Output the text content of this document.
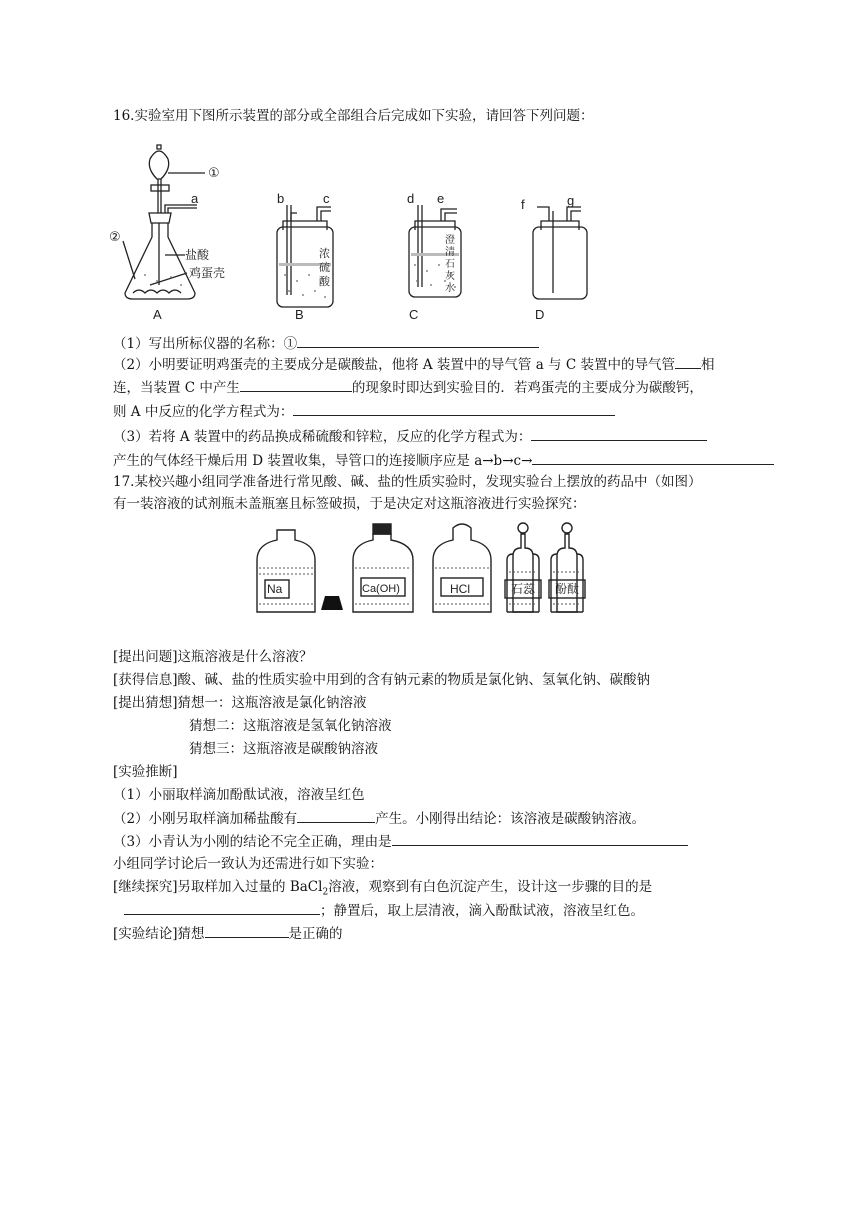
16.实验室用下图所示装置的部分或全部组合后完成如下实验，请回答下列问题：
①
②
a
盐酸
鸡蛋壳
b	c
浓
硫
酸
d e
澄
清
石
灰
水
f	g
A	B	C	D
（1）写出所标仪器的名称：①
（2）小明要证明鸡蛋壳的主要成分是碳酸盐，他将 A 装置中的导气管 a 与 C 装置中的导气管 相
连，当装置 C 中产生	的现象时即达到实验目的．若鸡蛋壳的主要成分为碳酸钙，
则 A 中反应的化学方程式为：
（3）若将 A 装置中的药品换成稀硫酸和锌粒，反应的化学方程式为：
产生的气体经干燥后用 D 装置收集，导管口的连接顺序应是 a→b→c→
17.某校兴趣小组同学准备进行常见酸、碱、盐的性质实验时，发现实验台上摆放的药品中（如图）
有一装溶液的试剂瓶未盖瓶塞且标签破损，于是决定对这瓶溶液进行实验探究：
Na	Ca(OH)	HCl	石蕊 酚酞
[提出问题]这瓶溶液是什么溶液？
[获得信息]酸、碱、盐的性质实验中用到的含有钠元素的物质是氯化钠、氢氧化钠、碳酸钠
[提出猜想]猜想一：这瓶溶液是氯化钠溶液
猜想二：这瓶溶液是氢氧化钠溶液
猜想三：这瓶溶液是碳酸钠溶液
[实验推断]
（1）小丽取样滴加酚酞试液，溶液呈红色
（2）小刚另取样滴加稀盐酸有	产生。小刚得出结论：该溶液是碳酸钠溶液。
（3）小青认为小刚的结论不完全正确，理由是
小组同学讨论后一致认为还需进行如下实验：
[继续探究]另取样加入过量的 BaCl$_2$溶液，观察到有白色沉淀产生，设计这一步骤的目的是
；静置后，取上层清液，滴入酚酞试液，溶液呈红色。
[实验结论]猜想	是正确的
